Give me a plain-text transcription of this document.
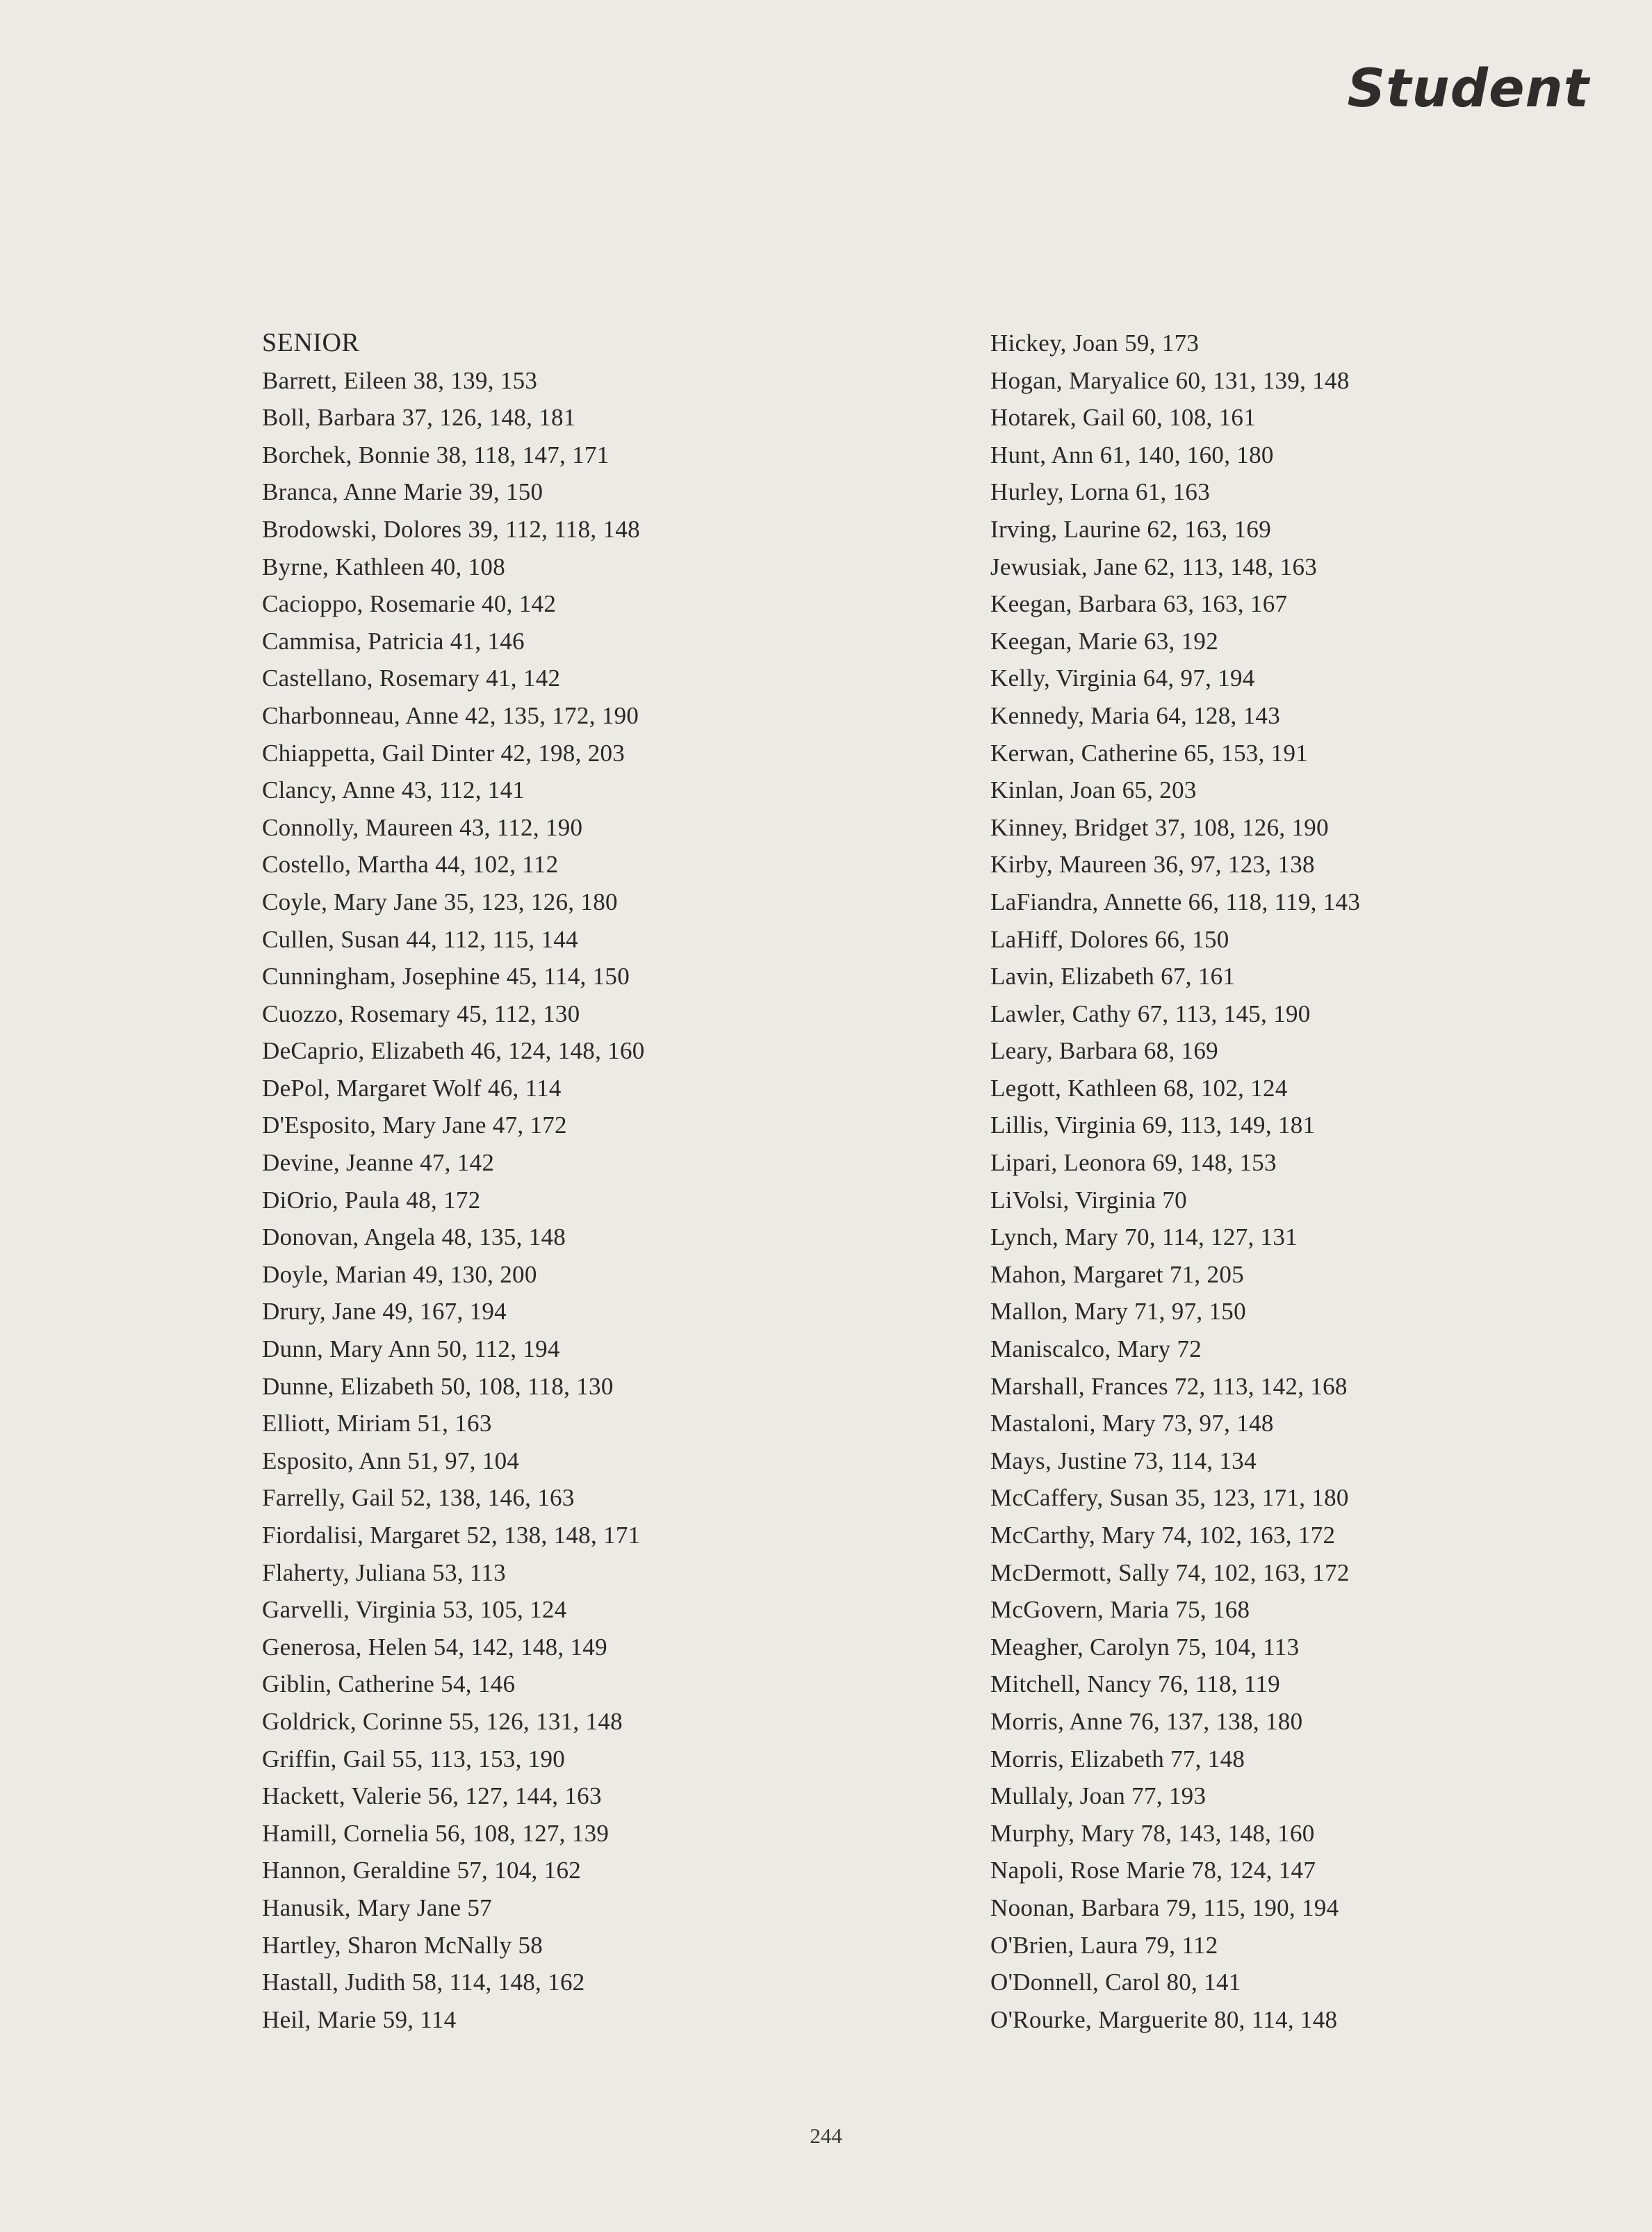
Student
SENIOR
Barrett, Eileen 38, 139, 153
Boll, Barbara 37, 126, 148, 181
Borchek, Bonnie 38, 118, 147, 171
Branca, Anne Marie 39, 150
Brodowski, Dolores 39, 112, 118, 148
Byrne, Kathleen 40, 108
Cacioppo, Rosemarie 40, 142
Cammisa, Patricia 41, 146
Castellano, Rosemary 41, 142
Charbonneau, Anne 42, 135, 172, 190
Chiappetta, Gail Dinter 42, 198, 203
Clancy, Anne 43, 112, 141
Connolly, Maureen 43, 112, 190
Costello, Martha 44, 102, 112
Coyle, Mary Jane 35, 123, 126, 180
Cullen, Susan 44, 112, 115, 144
Cunningham, Josephine 45, 114, 150
Cuozzo, Rosemary 45, 112, 130
DeCaprio, Elizabeth 46, 124, 148, 160
DePol, Margaret Wolf 46, 114
D'Esposito, Mary Jane 47, 172
Devine, Jeanne 47, 142
DiOrio, Paula 48, 172
Donovan, Angela 48, 135, 148
Doyle, Marian 49, 130, 200
Drury, Jane 49, 167, 194
Dunn, Mary Ann 50, 112, 194
Dunne, Elizabeth 50, 108, 118, 130
Elliott, Miriam 51, 163
Esposito, Ann 51, 97, 104
Farrelly, Gail 52, 138, 146, 163
Fiordalisi, Margaret 52, 138, 148, 171
Flaherty, Juliana 53, 113
Garvelli, Virginia 53, 105, 124
Generosa, Helen 54, 142, 148, 149
Giblin, Catherine 54, 146
Goldrick, Corinne 55, 126, 131, 148
Griffin, Gail 55, 113, 153, 190
Hackett, Valerie 56, 127, 144, 163
Hamill, Cornelia 56, 108, 127, 139
Hannon, Geraldine 57, 104, 162
Hanusik, Mary Jane 57
Hartley, Sharon McNally 58
Hastall, Judith 58, 114, 148, 162
Heil, Marie 59, 114
Hickey, Joan 59, 173
Hogan, Maryalice 60, 131, 139, 148
Hotarek, Gail 60, 108, 161
Hunt, Ann 61, 140, 160, 180
Hurley, Lorna 61, 163
Irving, Laurine 62, 163, 169
Jewusiak, Jane 62, 113, 148, 163
Keegan, Barbara 63, 163, 167
Keegan, Marie 63, 192
Kelly, Virginia 64, 97, 194
Kennedy, Maria 64, 128, 143
Kerwan, Catherine 65, 153, 191
Kinlan, Joan 65, 203
Kinney, Bridget 37, 108, 126, 190
Kirby, Maureen 36, 97, 123, 138
LaFiandra, Annette 66, 118, 119, 143
LaHiff, Dolores 66, 150
Lavin, Elizabeth 67, 161
Lawler, Cathy 67, 113, 145, 190
Leary, Barbara 68, 169
Legott, Kathleen 68, 102, 124
Lillis, Virginia 69, 113, 149, 181
Lipari, Leonora 69, 148, 153
LiVolsi, Virginia 70
Lynch, Mary 70, 114, 127, 131
Mahon, Margaret 71, 205
Mallon, Mary 71, 97, 150
Maniscalco, Mary 72
Marshall, Frances 72, 113, 142, 168
Mastaloni, Mary 73, 97, 148
Mays, Justine 73, 114, 134
McCaffery, Susan 35, 123, 171, 180
McCarthy, Mary 74, 102, 163, 172
McDermott, Sally 74, 102, 163, 172
McGovern, Maria 75, 168
Meagher, Carolyn 75, 104, 113
Mitchell, Nancy 76, 118, 119
Morris, Anne 76, 137, 138, 180
Morris, Elizabeth 77, 148
Mullaly, Joan 77, 193
Murphy, Mary 78, 143, 148, 160
Napoli, Rose Marie 78, 124, 147
Noonan, Barbara 79, 115, 190, 194
O'Brien, Laura 79, 112
O'Donnell, Carol 80, 141
O'Rourke, Marguerite 80, 114, 148
244
